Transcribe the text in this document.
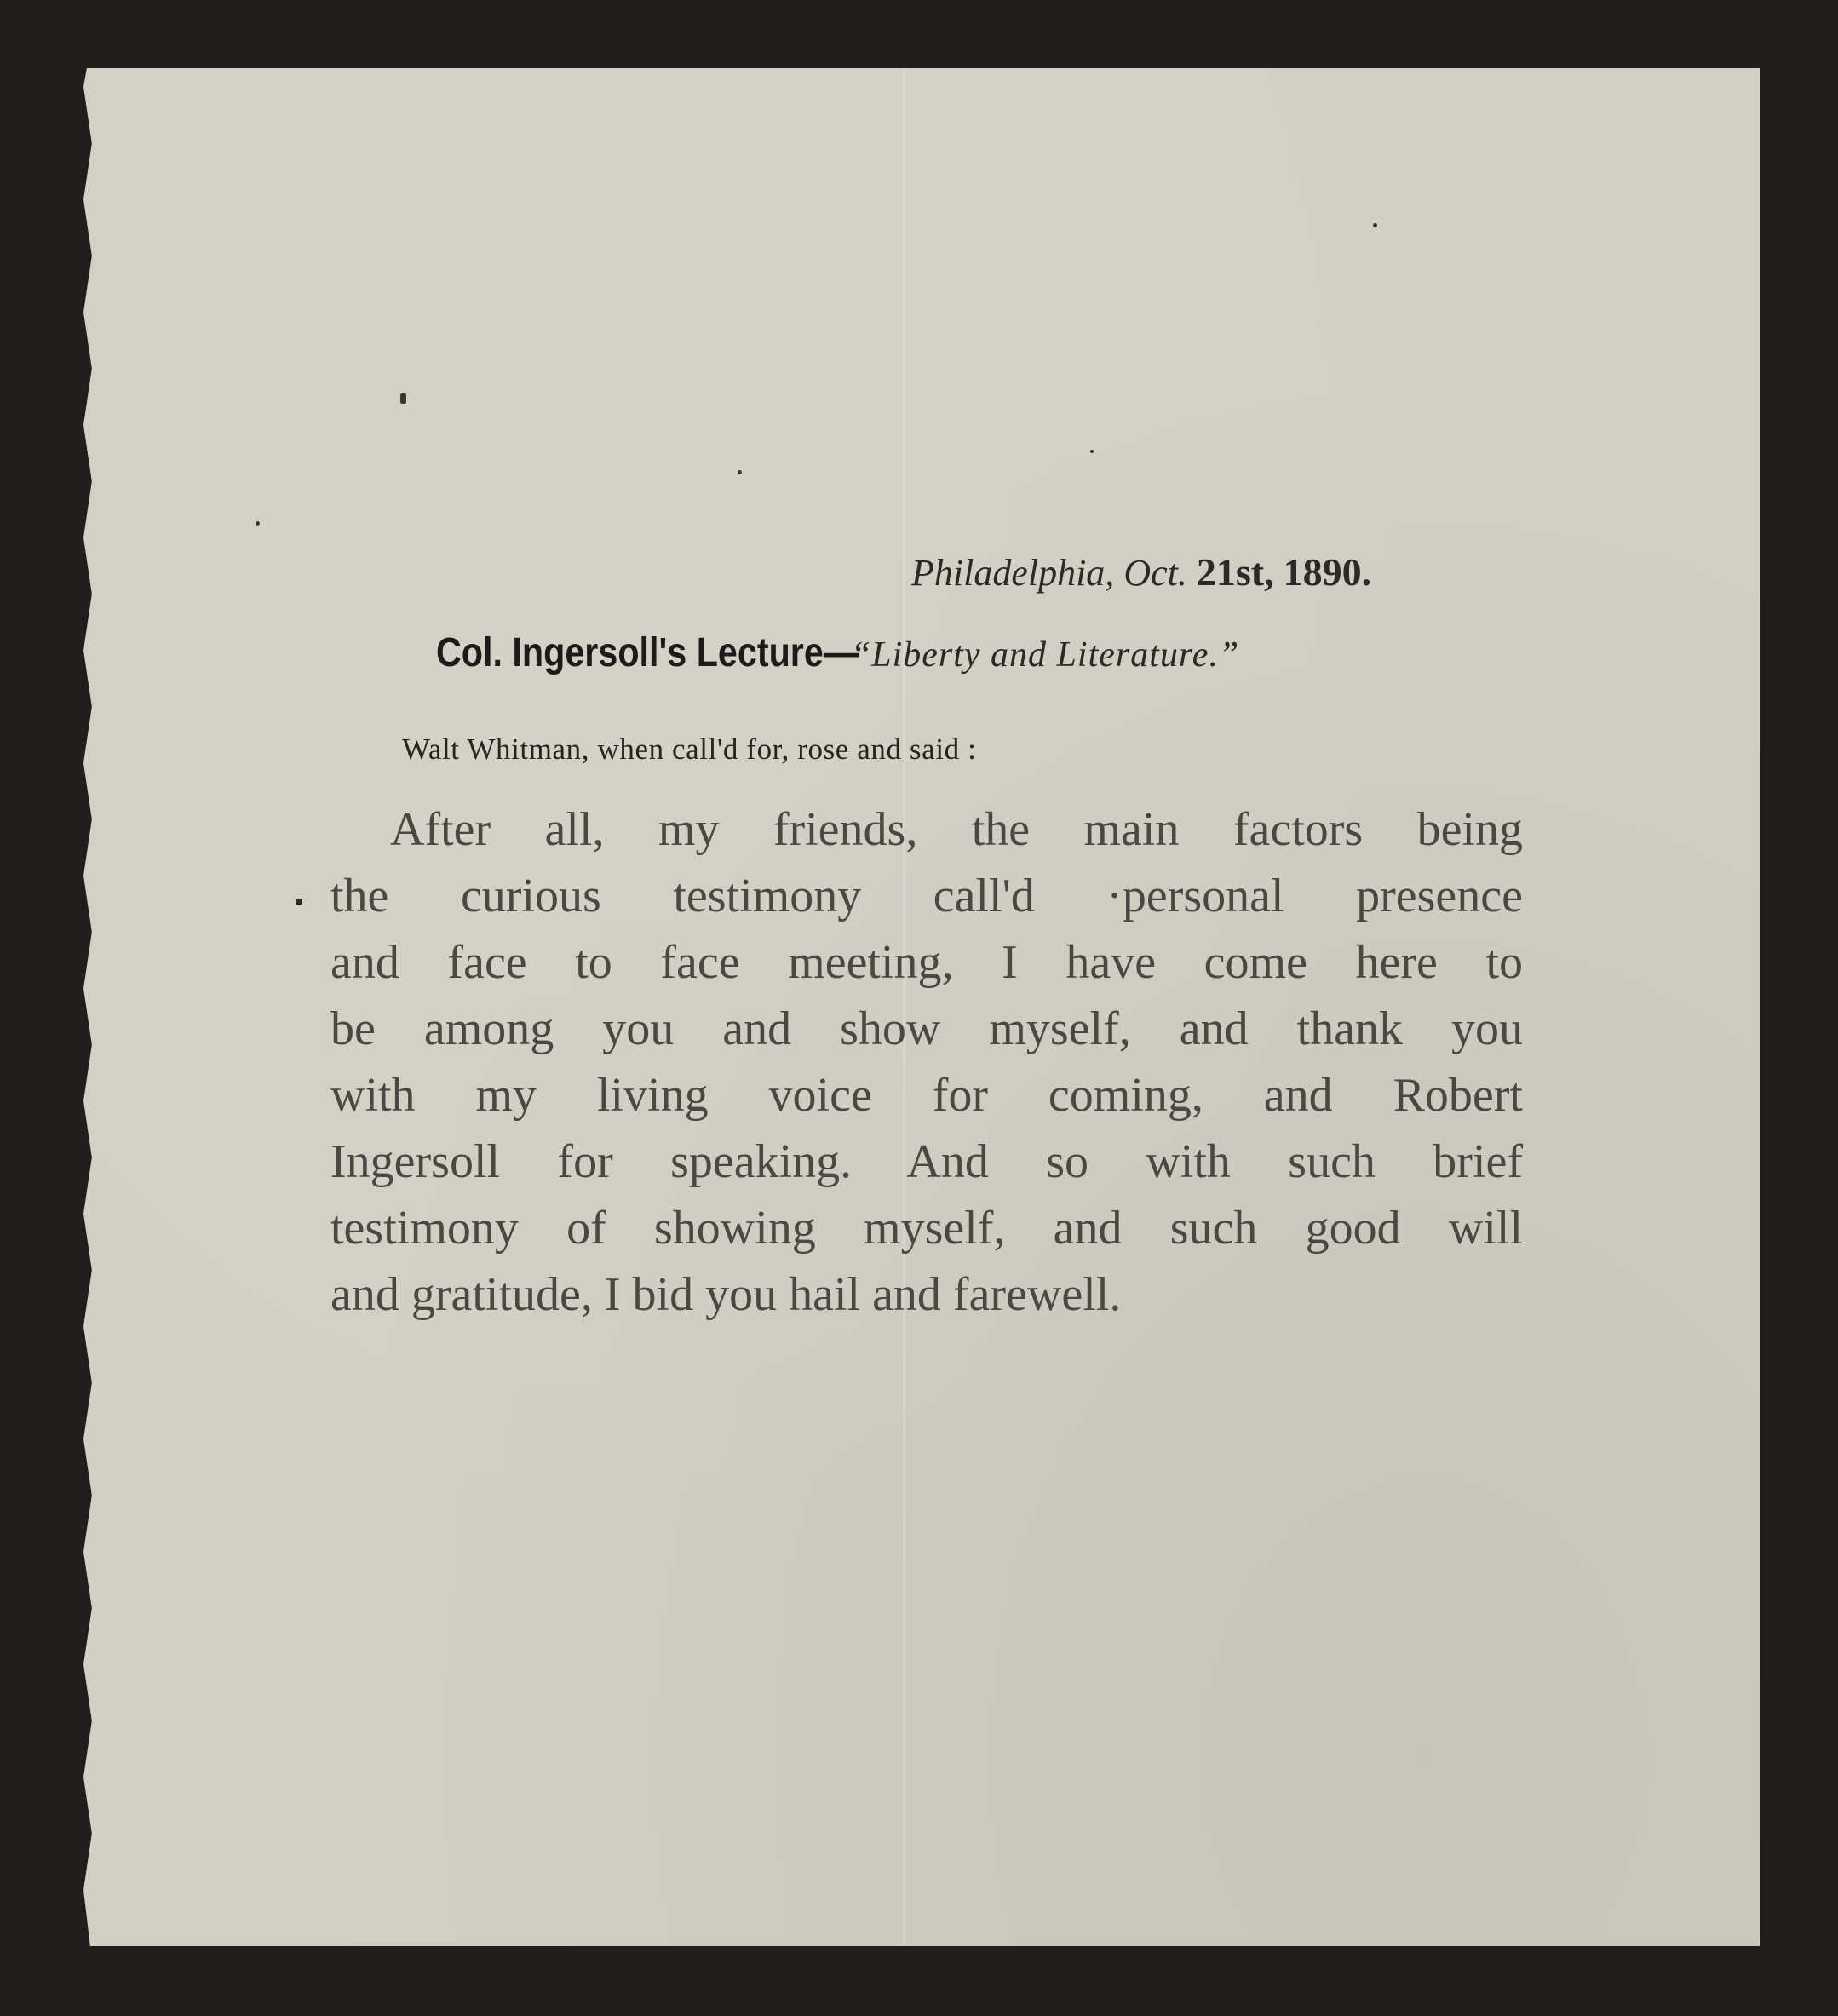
Philadelphia, Oct. 21st, 1890.
Col. Ingersoll's Lecture—“Liberty and Literature.”
Walt Whitman, when call'd for, rose and said :
After all, my friends, the main factors being
the curious testimony call'd ·personal presence
and face to face meeting, I have come here to
be among you and show myself, and thank you
with my living voice for coming, and Robert
Ingersoll for speaking. And so with such brief
testimony of showing myself, and such good will
and gratitude, I bid you hail and farewell.
